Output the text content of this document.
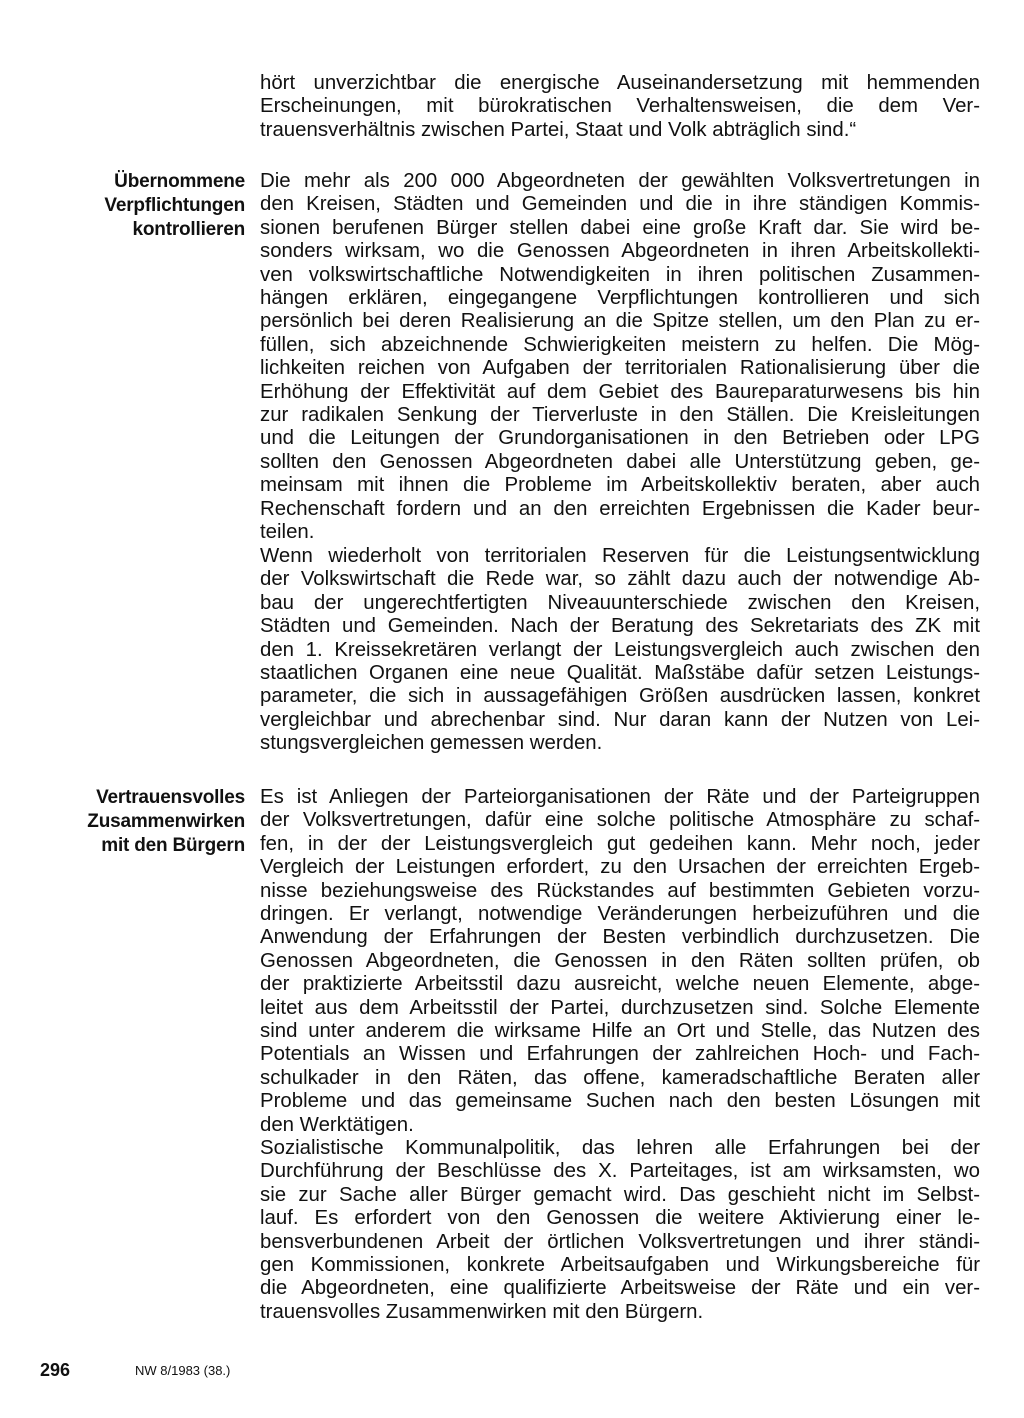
hört unverzichtbar die energische Auseinandersetzung mit hemmenden
Erscheinungen, mit bürokratischen Verhaltensweisen, die dem Ver-
trauensverhältnis zwischen Partei, Staat und Volk abträglich sind.“
Übernommene
Verpflichtungen
kontrollieren
Die mehr als 200 000 Abgeordneten der gewählten Volksvertretungen in
den Kreisen, Städten und Gemeinden und die in ihre ständigen Kommis-
sionen berufenen Bürger stellen dabei eine große Kraft dar. Sie wird be-
sonders wirksam, wo die Genossen Abgeordneten in ihren Arbeitskollekti-
ven volkswirtschaftliche Notwendigkeiten in ihren politischen Zusammen-
hängen erklären, eingegangene Verpflichtungen kontrollieren und sich
persönlich bei deren Realisierung an die Spitze stellen, um den Plan zu er-
füllen, sich abzeichnende Schwierigkeiten meistern zu helfen. Die Mög-
lichkeiten reichen von Aufgaben der territorialen Rationalisierung über die
Erhöhung der Effektivität auf dem Gebiet des Baureparaturwesens bis hin
zur radikalen Senkung der Tierverluste in den Ställen. Die Kreisleitungen
und die Leitungen der Grundorganisationen in den Betrieben oder LPG
sollten den Genossen Abgeordneten dabei alle Unterstützung geben, ge-
meinsam mit ihnen die Probleme im Arbeitskollektiv beraten, aber auch
Rechenschaft fordern und an den erreichten Ergebnissen die Kader beur-
teilen.
Wenn wiederholt von territorialen Reserven für die Leistungsentwicklung
der Volkswirtschaft die Rede war, so zählt dazu auch der notwendige Ab-
bau der ungerechtfertigten Niveauunterschiede zwischen den Kreisen,
Städten und Gemeinden. Nach der Beratung des Sekretariats des ZK mit
den 1. Kreissekretären verlangt der Leistungsvergleich auch zwischen den
staatlichen Organen eine neue Qualität. Maßstäbe dafür setzen Leistungs-
parameter, die sich in aussagefähigen Größen ausdrücken lassen, konkret
vergleichbar und abrechenbar sind. Nur daran kann der Nutzen von Lei-
stungsvergleichen gemessen werden.
Vertrauensvolles
Zusammenwirken
mit den Bürgern
Es ist Anliegen der Parteiorganisationen der Räte und der Parteigruppen
der Volksvertretungen, dafür eine solche politische Atmosphäre zu schaf-
fen, in der der Leistungsvergleich gut gedeihen kann. Mehr noch, jeder
Vergleich der Leistungen erfordert, zu den Ursachen der erreichten Ergeb-
nisse beziehungsweise des Rückstandes auf bestimmten Gebieten vorzu-
dringen. Er verlangt, notwendige Veränderungen herbeizuführen und die
Anwendung der Erfahrungen der Besten verbindlich durchzusetzen. Die
Genossen Abgeordneten, die Genossen in den Räten sollten prüfen, ob
der praktizierte Arbeitsstil dazu ausreicht, welche neuen Elemente, abge-
leitet aus dem Arbeitsstil der Partei, durchzusetzen sind. Solche Elemente
sind unter anderem die wirksame Hilfe an Ort und Stelle, das Nutzen des
Potentials an Wissen und Erfahrungen der zahlreichen Hoch- und Fach-
schulkader in den Räten, das offene, kameradschaftliche Beraten aller
Probleme und das gemeinsame Suchen nach den besten Lösungen mit
den Werktätigen.
Sozialistische Kommunalpolitik, das lehren alle Erfahrungen bei der
Durchführung der Beschlüsse des X. Parteitages, ist am wirksamsten, wo
sie zur Sache aller Bürger gemacht wird. Das geschieht nicht im Selbst-
lauf. Es erfordert von den Genossen die weitere Aktivierung einer le-
bensverbundenen Arbeit der örtlichen Volksvertretungen und ihrer ständi-
gen Kommissionen, konkrete Arbeitsaufgaben und Wirkungsbereiche für
die Abgeordneten, eine qualifizierte Arbeitsweise der Räte und ein ver-
trauensvolles Zusammenwirken mit den Bürgern.
296	NW 8/1983 (38.)
